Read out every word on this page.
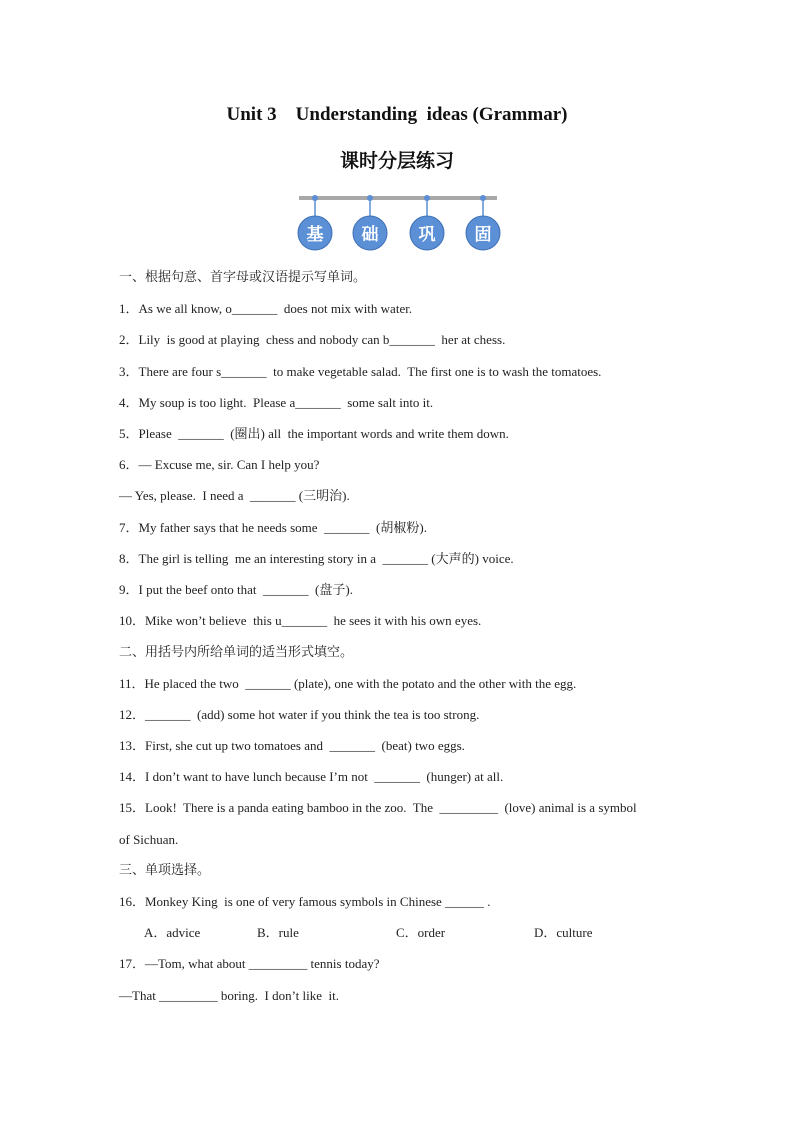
Unit 3    Understanding  ideas (Grammar)
课时分层练习
基 础 巩 固
一、根据句意、首字母或汉语提示写单词。
1．As we all know, o_______  does not mix with water.
2．Lily  is good at playing  chess and nobody can b_______  her at chess.
3．There are four s_______  to make vegetable salad.  The first one is to wash the tomatoes.
4．My soup is too light.  Please a_______  some salt into it.
5．Please  _______  (圈出) all  the important words and write them down.
6．— Excuse me, sir. Can I help you?
— Yes, please.  I need a  _______ (三明治).
7．My father says that he needs some  _______  (胡椒粉).
8．The girl is telling  me an interesting story in a  _______ (大声的) voice.
9．I put the beef onto that  _______  (盘子).
10．Mike won’t believe  this u_______  he sees it with his own eyes.
二、用括号内所给单词的适当形式填空。
11．He placed the two  _______ (plate), one with the potato and the other with the egg.
12．_______  (add) some hot water if you think the tea is too strong.
13．First, she cut up two tomatoes and  _______  (beat) two eggs.
14．I don’t want to have lunch because I’m not  _______  (hunger) at all.
15．Look!  There is a panda eating bamboo in the zoo.  The  _________  (love) animal is a symbol
of Sichuan.
三、单项选择。
16．Monkey King  is one of very famous symbols in Chinese ______ .
A．advice	B．rule	C．order	D．culture
17．—Tom, what about _________ tennis today?
—That _________ boring.  I don’t like  it.
